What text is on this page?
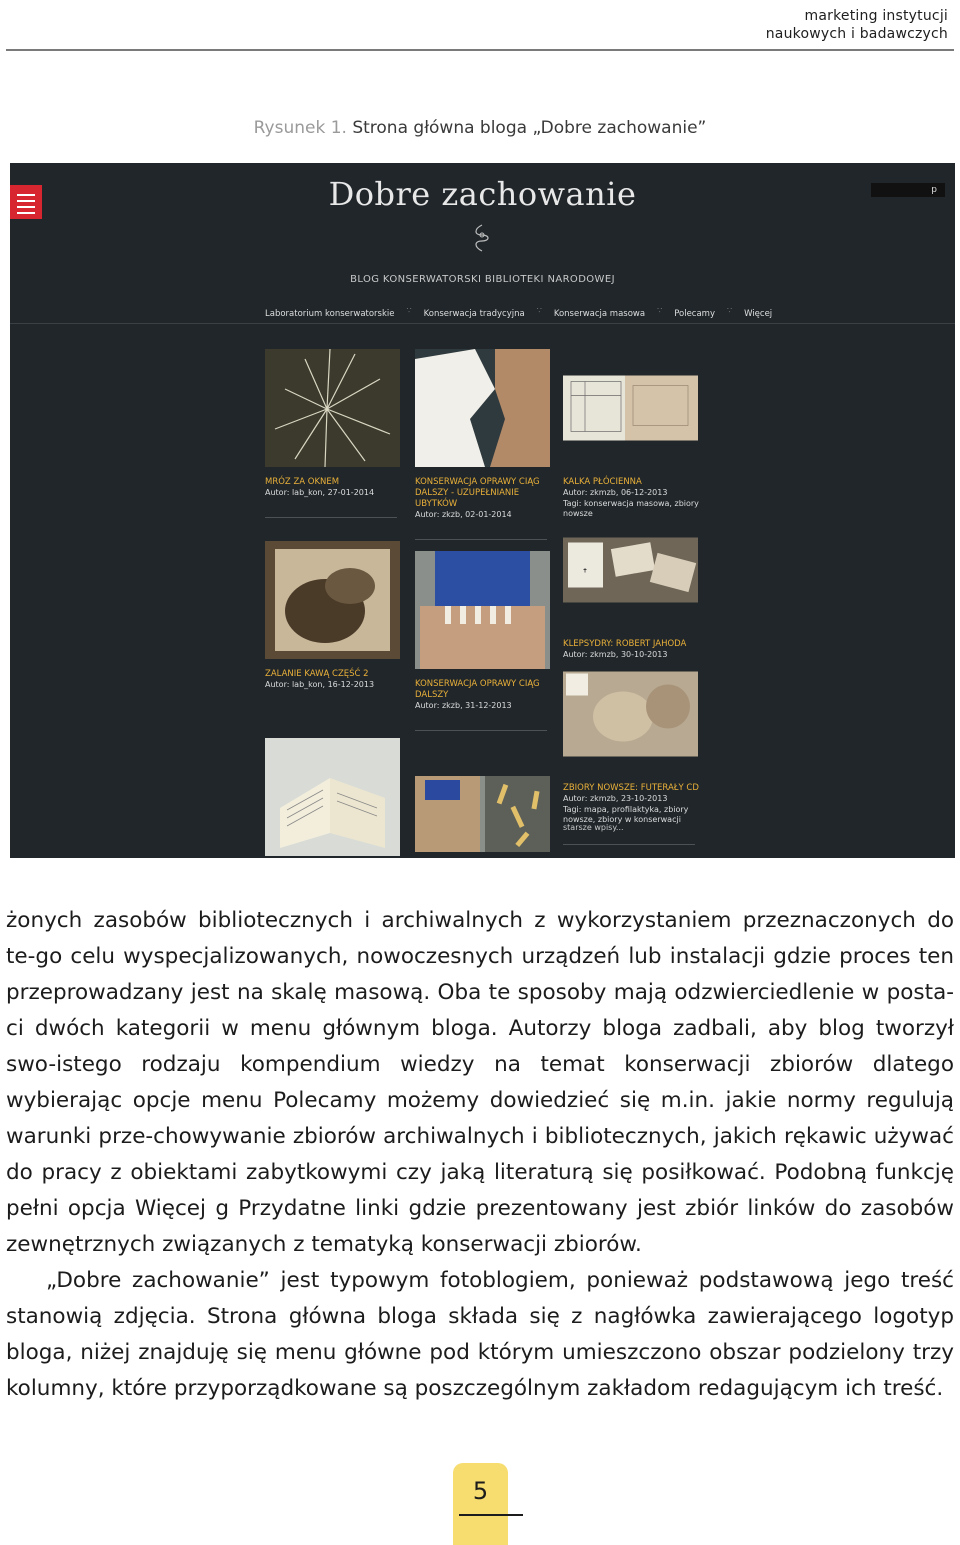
marketing instytucji
naukowych i badawczych
Rysunek 1. Strona główna bloga „Dobre zachowanie”
p
Dobre zachowanie
BLOG KONSERWATORSKI BIBLIOTEKI NARODOWEJ
Laboratorium konserwatorskie ∵ Konserwacja tradycyjna ∵ Konserwacja masowa ∵ Polecamy ∵ Więcej
MRÓZ ZA OKNEM
Autor: lab_kon, 27-01-2014
ZALANIE KAWĄ CZĘŚĆ 2
Autor: lab_kon, 16-12-2013
KONSERWACJA OPRAWY CIĄG DALSZY - UZUPEŁNIANIE UBYTKÓW
Autor: zkzb, 02-01-2014
KONSERWACJA OPRAWY CIĄG DALSZY
Autor: zkzb, 31-12-2013
KALKA PŁÓCIENNA
Autor: zkmzb, 06-12-2013
Tagi: konserwacja masowa, zbiory nowsze
✝
KLEPSYDRY: ROBERT JAHODA
Autor: zkmzb, 30-10-2013
ZBIORY NOWSZE: FUTERAŁY CD
Autor: zkmzb, 23-10-2013
Tagi: mapa, profilaktyka, zbiory nowsze, zbiory w konserwacji
starsze wpisy...

żonych zasobów bibliotecznych i archiwalnych z wykorzystaniem przeznaczonych do te-go celu wyspecjalizowanych, nowoczesnych urządzeń lub instalacji gdzie proces ten przeprowadzany jest na skalę masową. Oba te sposoby mają odzwierciedlenie w posta-ci dwóch kategorii w menu głównym bloga. Autorzy bloga zadbali, aby blog tworzył swo-istego rodzaju kompendium wiedzy na temat konserwacji zbiorów dlatego wybierając opcje menu Polecamy możemy dowiedzieć się m.in. jakie normy regulują warunki prze-chowywanie zbiorów archiwalnych i bibliotecznych, jakich rękawic używać do pracy z obiektami zabytkowymi czy jaką literaturą się posiłkować. Podobną funkcję pełni opcja Więcej g Przydatne linki gdzie prezentowany jest zbiór linków do zasobów zewnętrznych związanych z tematyką konserwacji zbiorów.

„Dobre zachowanie” jest typowym fotoblogiem, ponieważ podstawową jego treść stanowią zdjęcia. Strona główna bloga składa się z nagłówka zawierającego logotyp bloga, niżej znajduję się menu główne pod którym umieszczono obszar podzielony trzy kolumny, które przyporządkowane są poszczególnym zakładom redagującym ich treść.

5
